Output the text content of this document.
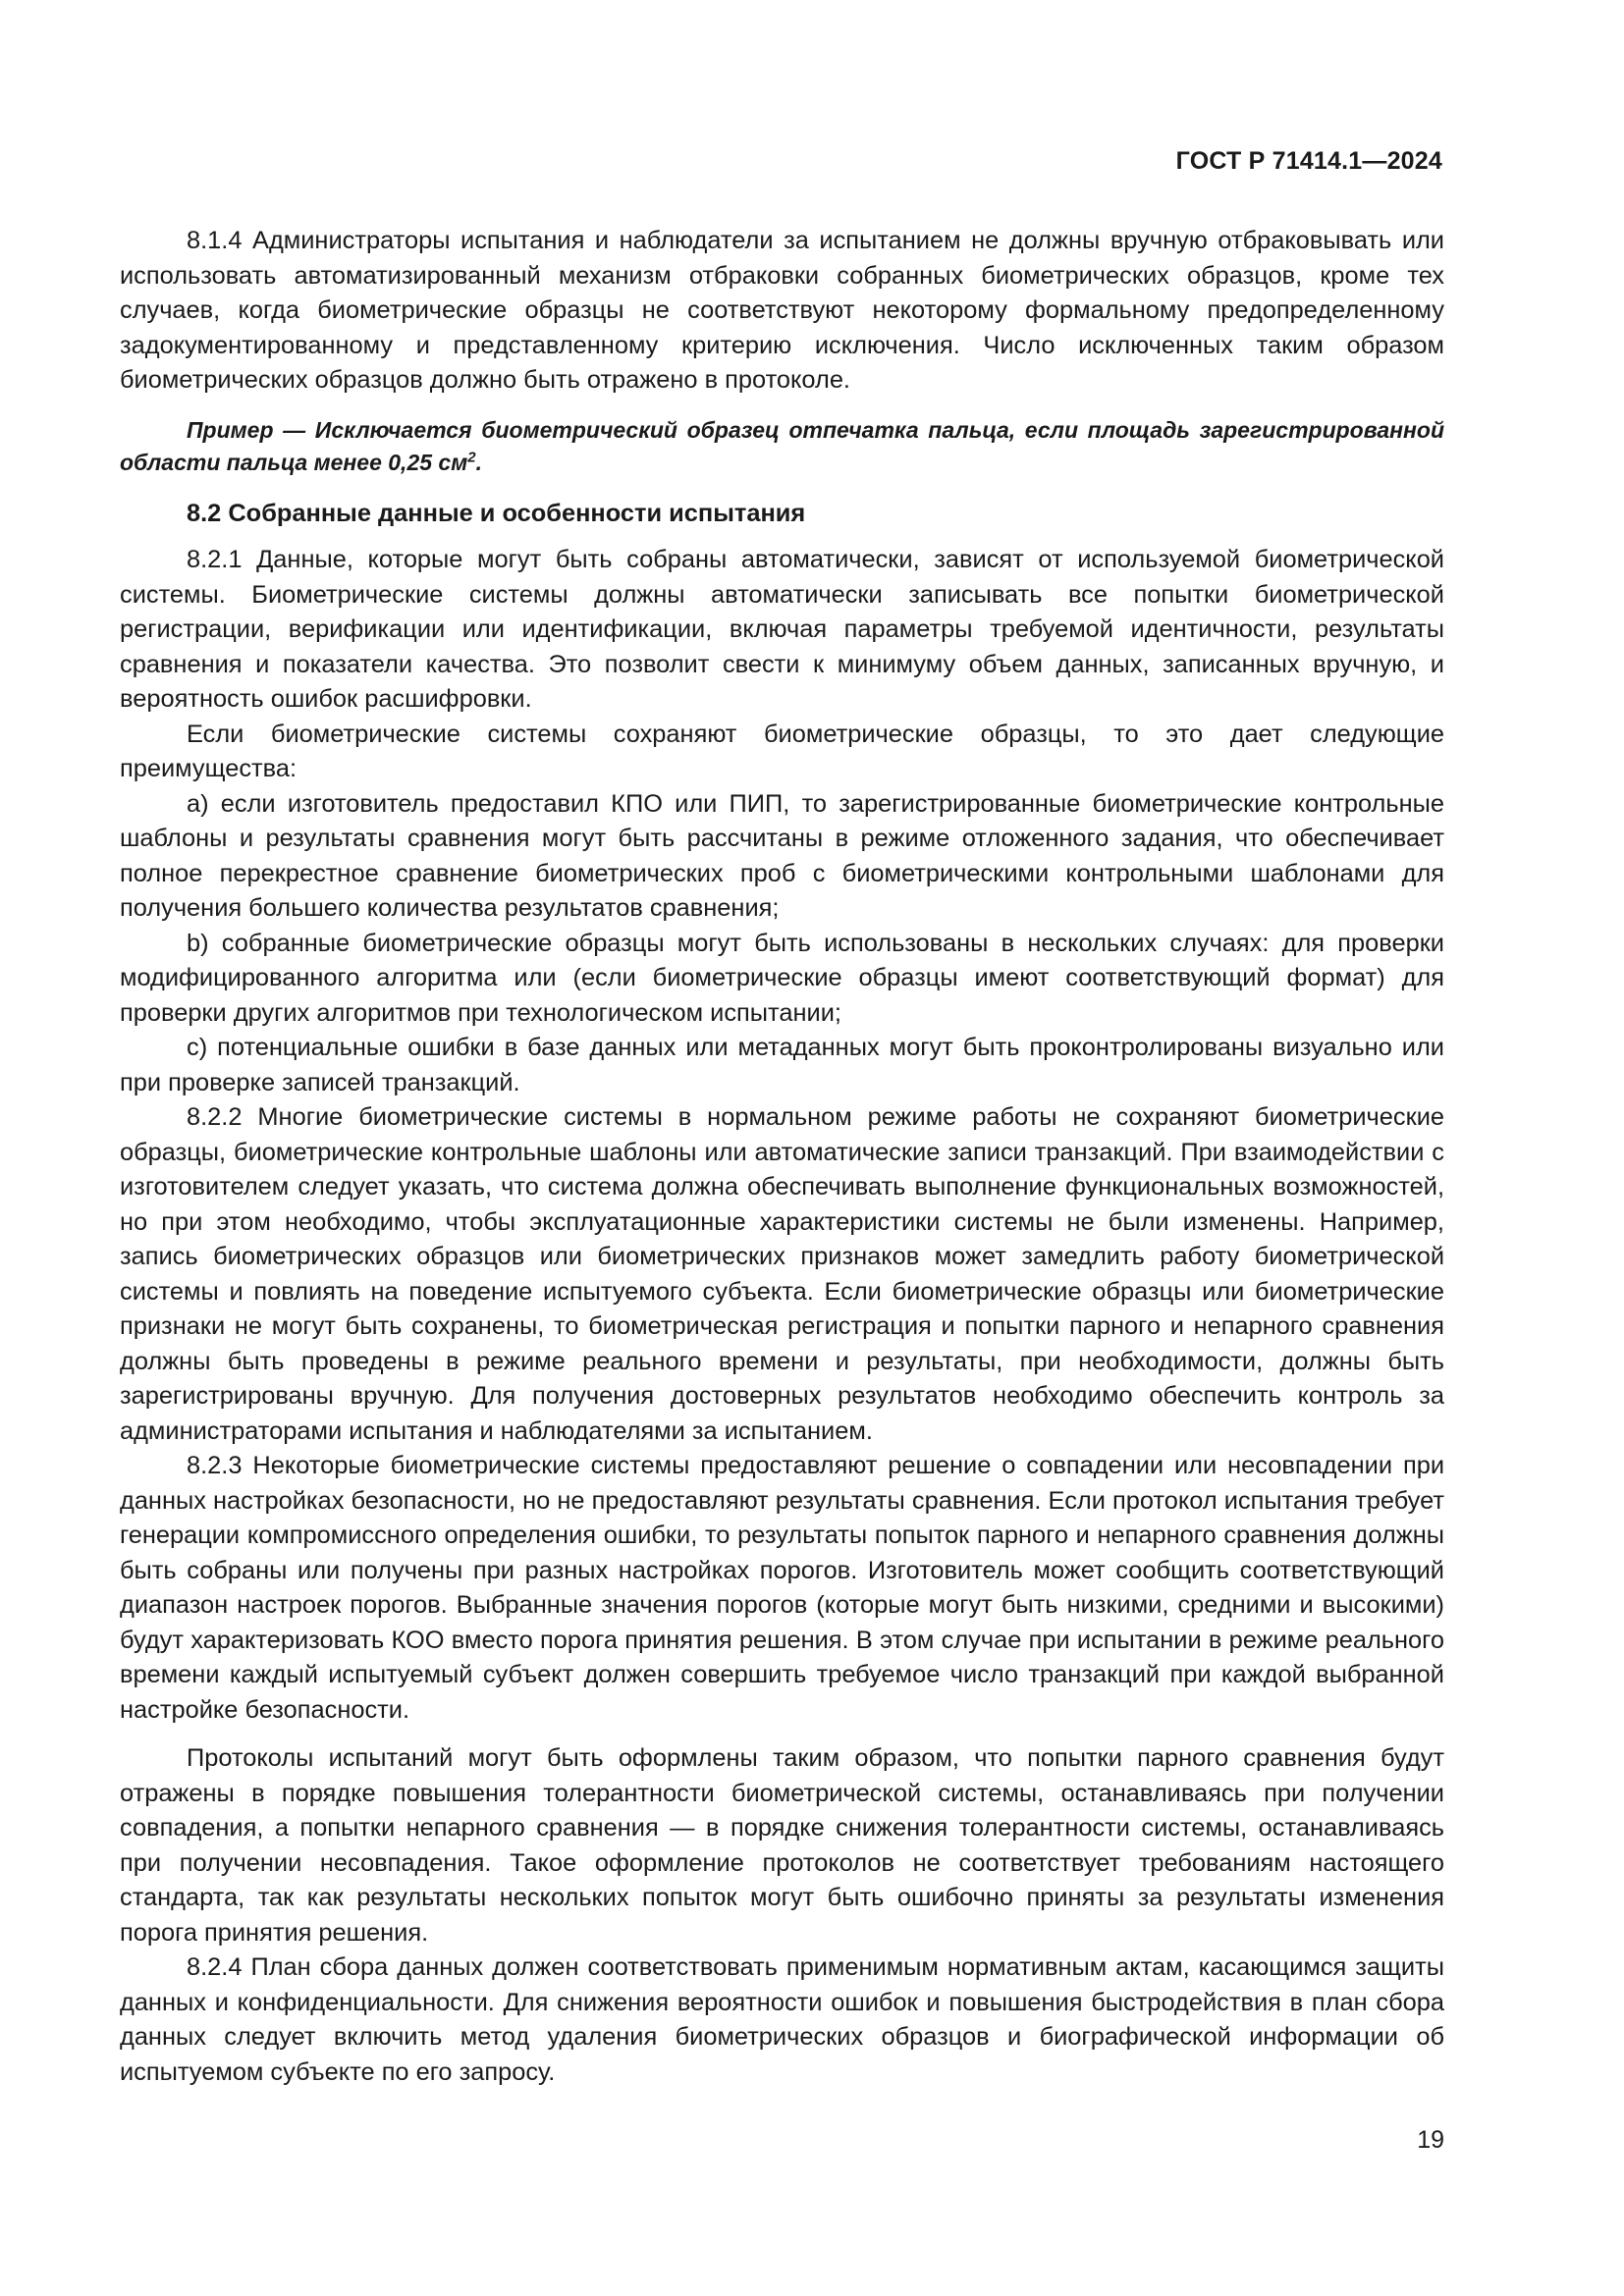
ГОСТ Р 71414.1—2024

8.1.4 Администраторы испытания и наблюдатели за испытанием не должны вручную отбраковывать или использовать автоматизированный механизм отбраковки собранных биометрических образцов, кроме тех случаев, когда биометрические образцы не соответствуют некоторому формальному предопределенному задокументированному и представленному критерию исключения. Число исключенных таким образом биометрических образцов должно быть отражено в протоколе.

Пример — Исключается биометрический образец отпечатка пальца, если площадь зарегистрированной области пальца менее 0,25 $см^2$.

8.2 Собранные данные и особенности испытания

8.2.1 Данные, которые могут быть собраны автоматически, зависят от используемой биометрической системы. Биометрические системы должны автоматически записывать все попытки биометрической регистрации, верификации или идентификации, включая параметры требуемой идентичности, результаты сравнения и показатели качества. Это позволит свести к минимуму объем данных, записанных вручную, и вероятность ошибок расшифровки.

Если биометрические системы сохраняют биометрические образцы, то это дает следующие преимущества:

a) если изготовитель предоставил КПО или ПИП, то зарегистрированные биометрические контрольные шаблоны и результаты сравнения могут быть рассчитаны в режиме отложенного задания, что обеспечивает полное перекрестное сравнение биометрических проб с биометрическими контрольными шаблонами для получения большего количества результатов сравнения;

b) собранные биометрические образцы могут быть использованы в нескольких случаях: для проверки модифицированного алгоритма или (если биометрические образцы имеют соответствующий формат) для проверки других алгоритмов при технологическом испытании;

c) потенциальные ошибки в базе данных или метаданных могут быть проконтролированы визуально или при проверке записей транзакций.

8.2.2 Многие биометрические системы в нормальном режиме работы не сохраняют биометрические образцы, биометрические контрольные шаблоны или автоматические записи транзакций. При взаимодействии с изготовителем следует указать, что система должна обеспечивать выполнение функциональных возможностей, но при этом необходимо, чтобы эксплуатационные характеристики системы не были изменены. Например, запись биометрических образцов или биометрических признаков может замедлить работу биометрической системы и повлиять на поведение испытуемого субъекта. Если биометрические образцы или биометрические признаки не могут быть сохранены, то биометрическая регистрация и попытки парного и непарного сравнения должны быть проведены в режиме реального времени и результаты, при необходимости, должны быть зарегистрированы вручную. Для получения достоверных результатов необходимо обеспечить контроль за администраторами испытания и наблюдателями за испытанием.

8.2.3 Некоторые биометрические системы предоставляют решение о совпадении или несовпадении при данных настройках безопасности, но не предоставляют результаты сравнения. Если протокол испытания требует генерации компромиссного определения ошибки, то результаты попыток парного и непарного сравнения должны быть собраны или получены при разных настройках порогов. Изготовитель может сообщить соответствующий диапазон настроек порогов. Выбранные значения порогов (которые могут быть низкими, средними и высокими) будут характеризовать КОО вместо порога принятия решения. В этом случае при испытании в режиме реального времени каждый испытуемый субъект должен совершить требуемое число транзакций при каждой выбранной настройке безопасности.

Протоколы испытаний могут быть оформлены таким образом, что попытки парного сравнения будут отражены в порядке повышения толерантности биометрической системы, останавливаясь при получении совпадения, а попытки непарного сравнения — в порядке снижения толерантности системы, останавливаясь при получении несовпадения. Такое оформление протоколов не соответствует требованиям настоящего стандарта, так как результаты нескольких попыток могут быть ошибочно приняты за результаты изменения порога принятия решения.

8.2.4 План сбора данных должен соответствовать применимым нормативным актам, касающимся защиты данных и конфиденциальности. Для снижения вероятности ошибок и повышения быстродействия в план сбора данных следует включить метод удаления биометрических образцов и биографической информации об испытуемом субъекте по его запросу.

19
